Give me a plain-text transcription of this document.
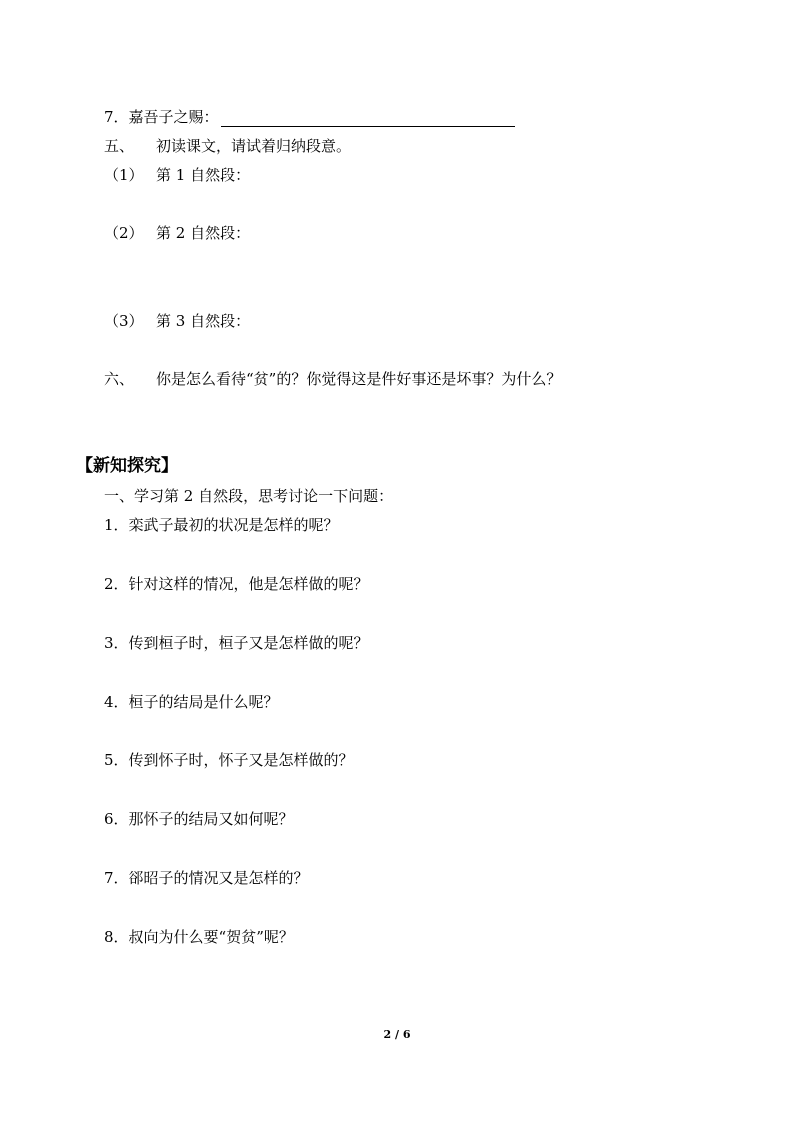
7．嘉吾子之赐：
五、 初读课文，请试着归纳段意。
（1） 第 1 自然段：
（2） 第 2 自然段：
（3） 第 3 自然段：
六、 你是怎么看待“贫”的？你觉得这是件好事还是坏事？为什么？
【新知探究】
一、学习第 2 自然段，思考讨论一下问题：
1．栾武子最初的状况是怎样的呢？
2．针对这样的情况，他是怎样做的呢？
3．传到桓子时，桓子又是怎样做的呢？
4．桓子的结局是什么呢？
5．传到怀子时，怀子又是怎样做的？
6．那怀子的结局又如何呢？
7．郤昭子的情况又是怎样的？
8．叔向为什么要“贺贫”呢？
2 / 6
